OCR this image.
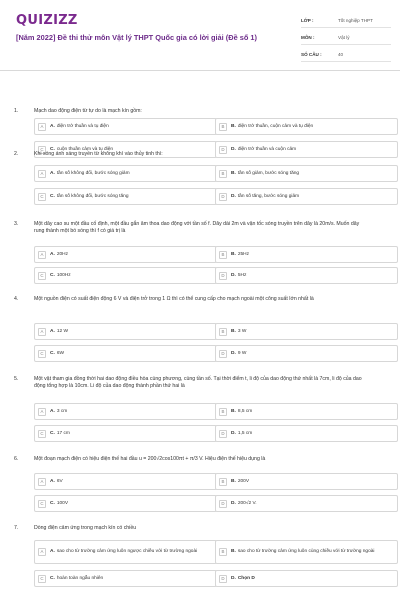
QUIZIZZ
[Năm 2022] Đề thi thử môn Vật lý THPT Quốc gia có lời giải (Đề số 1)
LỚP :	Tốt nghiệp THPT
MÔN :	Vật lý
SỐ CÂU :	40
1.	Mạch dao động điện từ tự do là mạch kín gồm:
A	A. điện trở thuần và tụ điện	B	B. điện trở thuần, cuộn cảm và tụ điện
C	C. cuộn thuần cảm và tụ điện	D	D. điện trở thuần và cuộn cảm
2.	Khi sóng ánh sáng truyền từ không khí vào thủy tinh thì:
A	A. tần số không đổi, bước sóng giảm	B	B. tần số giảm, bước sóng tăng
C	C. tần số không đổi, bước sóng tăng	D	D. tần số tăng, bước sóng giảm
3.	Một dây cao su một đầu cố định, một đầu gắn âm thoa dao động với tần số f. Dây dài 2m và vận tốc sóng truyền trên dây là 20m/s. Muốn dây rung thành một bó sóng thì f có giá trị là
A	A. 20Hz	B	B. 25Hz
C	C. 100Hz	D	D. 5Hz
4.	Một nguồn điện có suất điện động 6 V và điện trở trong 1 Ω thì có thể cung cấp cho mạch ngoài một công suất lớn nhất là
A	A. 12 W	B	B. 3 W
C	C. 6W	D	D. 9 W
5.	Một vật tham gia đồng thời hai dao động điều hòa cùng phương, cùng tần số. Tại thời điểm t, li độ của dao động thứ nhất là 7cm, li độ của dao động tổng hợp là 10cm. Li độ của dao động thành phần thứ hai là
A	A. 3 cm	B	B. 8,5 cm
C	C. 17 cm	D	D. 1,5 cm
6.	Một đoạn mạch điện có hiệu điện thế hai đầu u = 200√2cos100πt + π/3 V. Hiệu điện thế hiệu dụng là
A	A. 6V	B	B. 200V
C	C. 100V	D	D. 200√2 V.
7.	Dòng điện cảm ứng trong mạch kín có chiều
A	A. sao cho từ trường cảm ứng luôn ngược chiều với từ trường ngoài	B	B. sao cho từ trường cảm ứng luôn cùng chiều với từ trường ngoài
C	C. hoàn toàn ngẫu nhiên	D	D. Chọn D
